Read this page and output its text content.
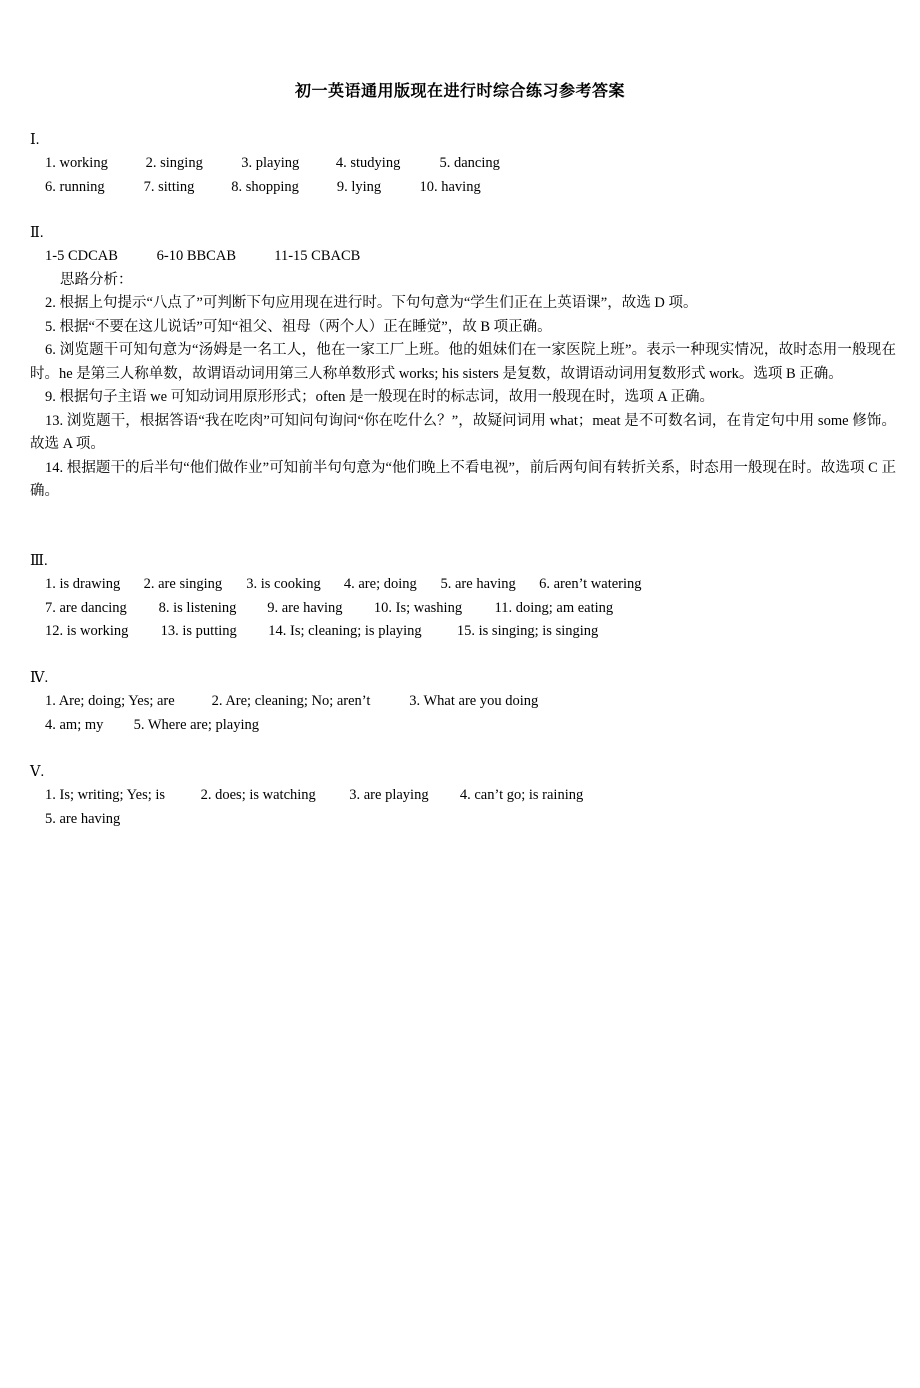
初一英语通用版现在进行时综合练习参考答案
Ⅰ.
1. working	2. singing	3. playing	4. studying	5. dancing
6. running	7. sitting	8. shopping	9. lying	10. having
Ⅱ.
1-5 CDCAB	6-10 BBCAB	11-15 CBACB
思路分析：
2. 根据上句提示“八点了”可判断下句应用现在进行时。下句句意为“学生们正在上英语课”，故选 D 项。
5. 根据“不要在这儿说话”可知“祖父、祖母（两个人）正在睡觉”，故 B 项正确。
6. 浏览题干可知句意为“汤姆是一名工人，他在一家工厂上班。他的姐妹们在一家医院上班”。表示一种现实情况，故时态用一般现在时。he 是第三人称单数，故谓语动词用第三人称单数形式 works; his sisters 是复数，故谓语动词用复数形式 work。选项 B 正确。
9. 根据句子主语 we 可知动词用原形形式；often 是一般现在时的标志词，故用一般现在时，选项 A 正确。
13. 浏览题干，根据答语“我在吃肉”可知问句询问“你在吃什么？”，故疑问词用 what；meat 是不可数名词，在肯定句中用 some 修饰。故选 A 项。
14. 根据题干的后半句“他们做作业”可知前半句句意为“他们晚上不看电视”，前后两句间有转折关系，时态用一般现在时。故选项 C 正确。
Ⅲ.
1. is drawing 2. are singing 3. is cooking 4. are; doing 5. are having 6. aren’t watering
7. are dancing 8. is listening 9. are having 10. Is; washing 11. doing; am eating
12. is working 13. is putting 14. Is; cleaning; is playing 15. is singing; is singing
Ⅳ.
1. Are; doing; Yes; are	2. Are; cleaning; No; aren’t	3. What are you doing
4. am; my 5. Where are; playing
Ⅴ.
1. Is; writing; Yes; is 2. does; is watching 3. are playing 4. can’t go; is raining
5. are having
